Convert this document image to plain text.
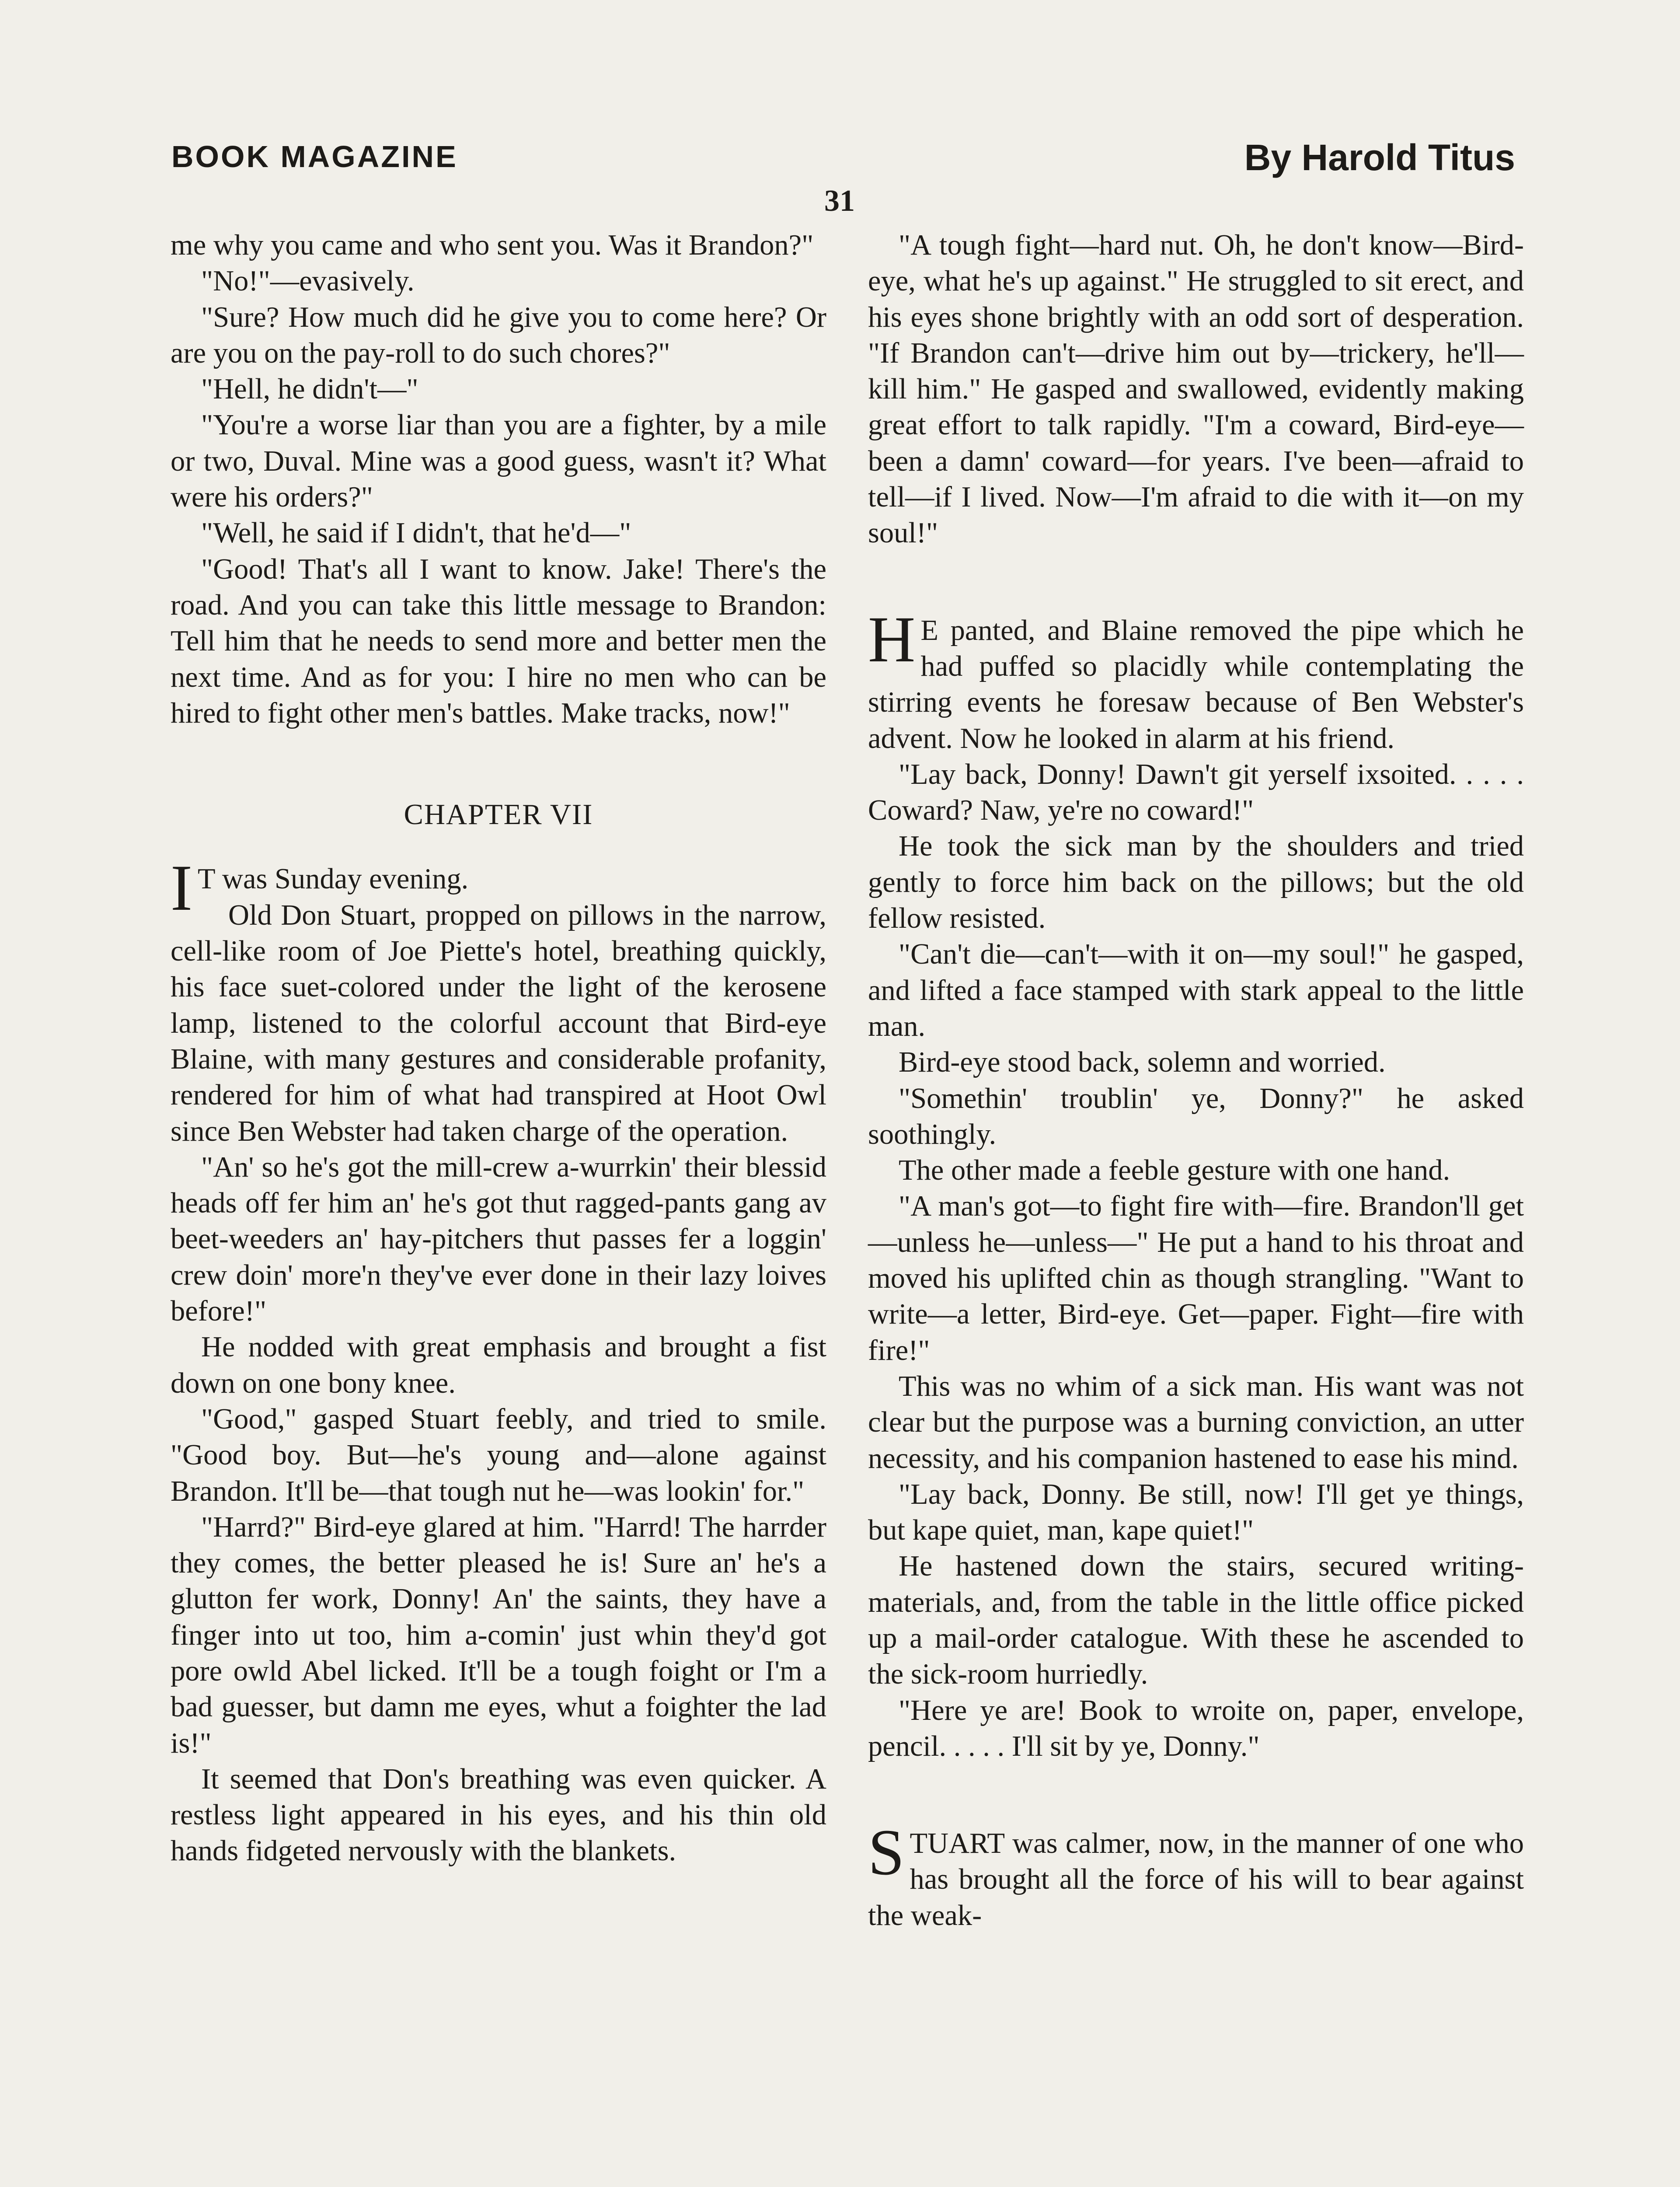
BOOK MAGAZINE	By Harold Titus
31

me why you came and who sent you. Was it Brandon?"

"No!"—evasively.

"Sure? How much did he give you to come here? Or are you on the pay-roll to do such chores?"

"Hell, he didn't—"

"You're a worse liar than you are a fighter, by a mile or two, Duval. Mine was a good guess, wasn't it? What were his orders?"

"Well, he said if I didn't, that he'd—"

"Good! That's all I want to know. Jake! There's the road. And you can take this little message to Brandon: Tell him that he needs to send more and better men the next time. And as for you: I hire no men who can be hired to fight other men's battles. Make tracks, now!"

CHAPTER VII

I T was Sunday evening.

Old Don Stuart, propped on pillows in the narrow, cell-like room of Joe Piette's hotel, breathing quickly, his face suet-colored under the light of the kerosene lamp, listened to the colorful account that Bird-eye Blaine, with many gestures and considerable profanity, rendered for him of what had transpired at Hoot Owl since Ben Webster had taken charge of the operation.

"An' so he's got the mill-crew a-wurrkin' their blessid heads off fer him an' he's got thut ragged-pants gang av beet-weeders an' hay-pitchers thut passes fer a loggin' crew doin' more'n they've ever done in their lazy loives before!"

He nodded with great emphasis and brought a fist down on one bony knee.

"Good," gasped Stuart feebly, and tried to smile. "Good boy. But—he's young and—alone against Brandon. It'll be—that tough nut he—was lookin' for."

"Harrd?" Bird-eye glared at him. "Harrd! The harrder they comes, the better pleased he is! Sure an' he's a glutton fer work, Donny! An' the saints, they have a finger into ut too, him a-comin' just whin they'd got pore owld Abel licked. It'll be a tough foight or I'm a bad guesser, but damn me eyes, whut a foighter the lad is!"

It seemed that Don's breathing was even quicker. A restless light appeared in his eyes, and his thin old hands fidgeted nervously with the blankets.

"A tough fight—hard nut. Oh, he don't know—Bird-eye, what he's up against." He struggled to sit erect, and his eyes shone brightly with an odd sort of desperation. "If Brandon can't—drive him out by—trickery, he'll—kill him." He gasped and swallowed, evidently making great effort to talk rapidly. "I'm a coward, Bird-eye—been a damn' coward—for years. I've been—afraid to tell—if I lived. Now—I'm afraid to die with it—on my soul!"

H E panted, and Blaine removed the pipe which he had puffed so placidly while contemplating the stirring events he foresaw because of Ben Webster's advent. Now he looked in alarm at his friend.

"Lay back, Donny! Dawn't git yerself ixsoited. . . . . Coward? Naw, ye're no coward!"

He took the sick man by the shoulders and tried gently to force him back on the pillows; but the old fellow resisted.

"Can't die—can't—with it on—my soul!" he gasped, and lifted a face stamped with stark appeal to the little man.

Bird-eye stood back, solemn and worried.

"Somethin' troublin' ye, Donny?" he asked soothingly.

The other made a feeble gesture with one hand.

"A man's got—to fight fire with—fire. Brandon'll get—unless he—unless—" He put a hand to his throat and moved his uplifted chin as though strangling. "Want to write—a letter, Bird-eye. Get—paper. Fight—fire with fire!"

This was no whim of a sick man. His want was not clear but the purpose was a burning conviction, an utter necessity, and his companion hastened to ease his mind.

"Lay back, Donny. Be still, now! I'll get ye things, but kape quiet, man, kape quiet!"

He hastened down the stairs, secured writing-materials, and, from the table in the little office picked up a mail-order catalogue. With these he ascended to the sick-room hurriedly.

"Here ye are! Book to wroite on, paper, envelope, pencil. . . . . I'll sit by ye, Donny."

STUART was calmer, now, in the manner of one who has brought all the force of his will to bear against the weak-
